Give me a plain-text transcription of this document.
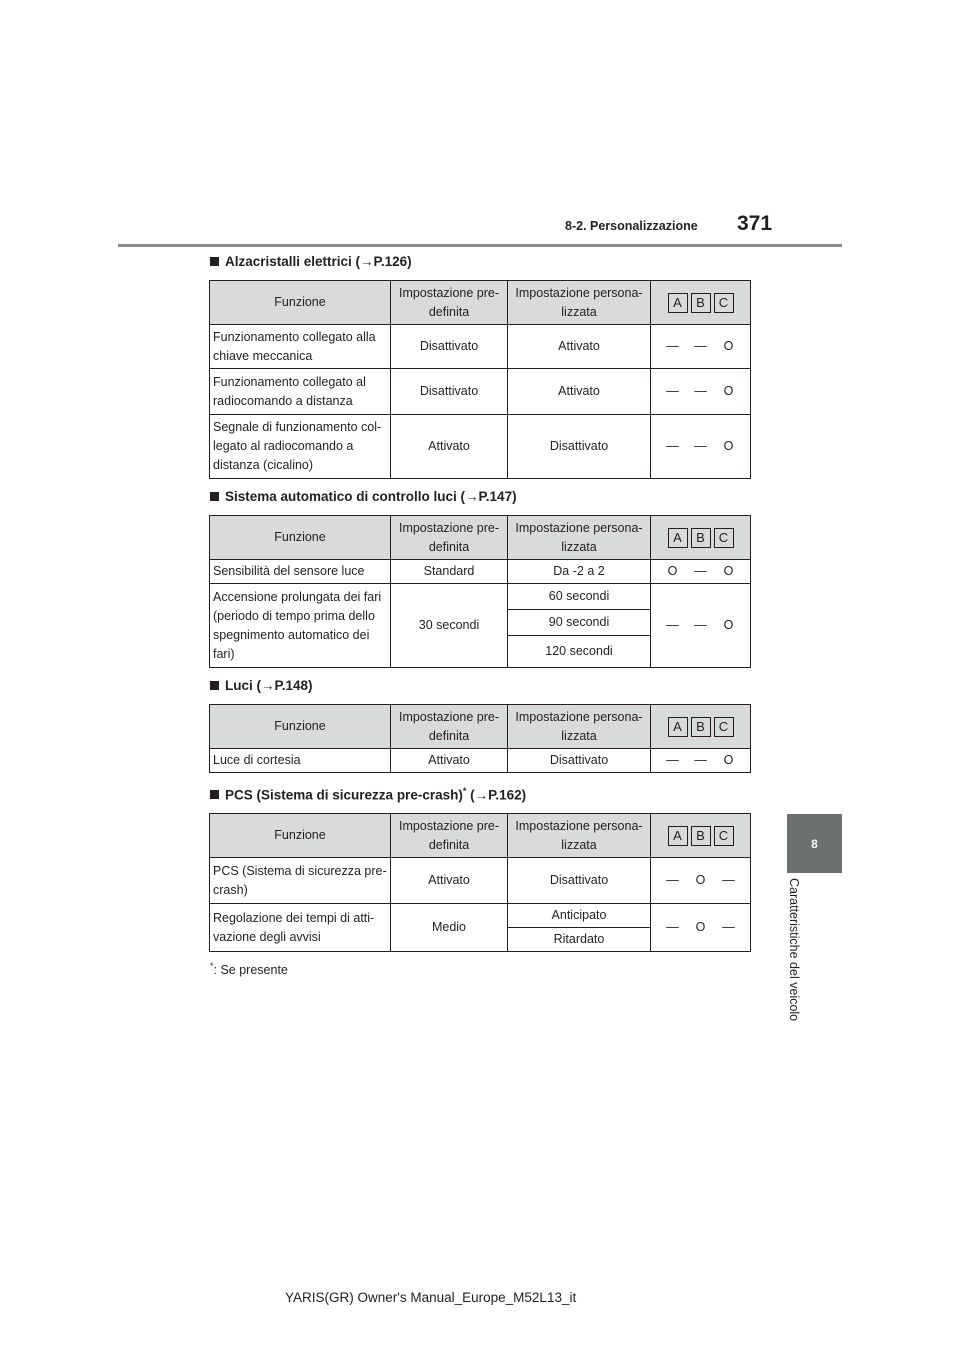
8-2. Personalizzazione 371
8
Caratteristiche del veicolo
Alzacristalli elettrici (→P.126)
Funzione	Impostazione pre-definita	Impostazione persona-lizzata	A B C

Funzionamento collegato alla chiave meccanica	Disattivato	Attivato	— — O

Funzionamento collegato al radiocomando a distanza	Disattivato	Attivato	— — O

Segnale di funzionamento col-legato al radiocomando a distanza (cicalino)	Attivato	Disattivato	— — O
Sistema automatico di controllo luci (→P.147)
Funzione	Impostazione pre-definita	Impostazione persona-lizzata	A B C

Sensibilità del sensore luce	Standard	Da -2 a 2	O — O

Accensione prolungata dei fari (periodo di tempo prima dello spegnimento automatico dei fari)	30 secondi	60 secondi	— — O

		90 secondi	
		120 secondi	
Luci (→P.148)
Funzione	Impostazione pre-definita	Impostazione persona-lizzata	A B C

Luce di cortesia	Attivato	Disattivato	— — O
PCS (Sistema di sicurezza pre-crash)* (→P.162)
Funzione	Impostazione pre-definita	Impostazione persona-lizzata	A B C

PCS (Sistema di sicurezza pre-crash)	Attivato	Disattivato	— O —

Regolazione dei tempi di atti-vazione degli avvisi	Medio	Anticipato	— O —

		Ritardato	
*: Se presente
YARIS(GR) Owner's Manual_Europe_M52L13_it
